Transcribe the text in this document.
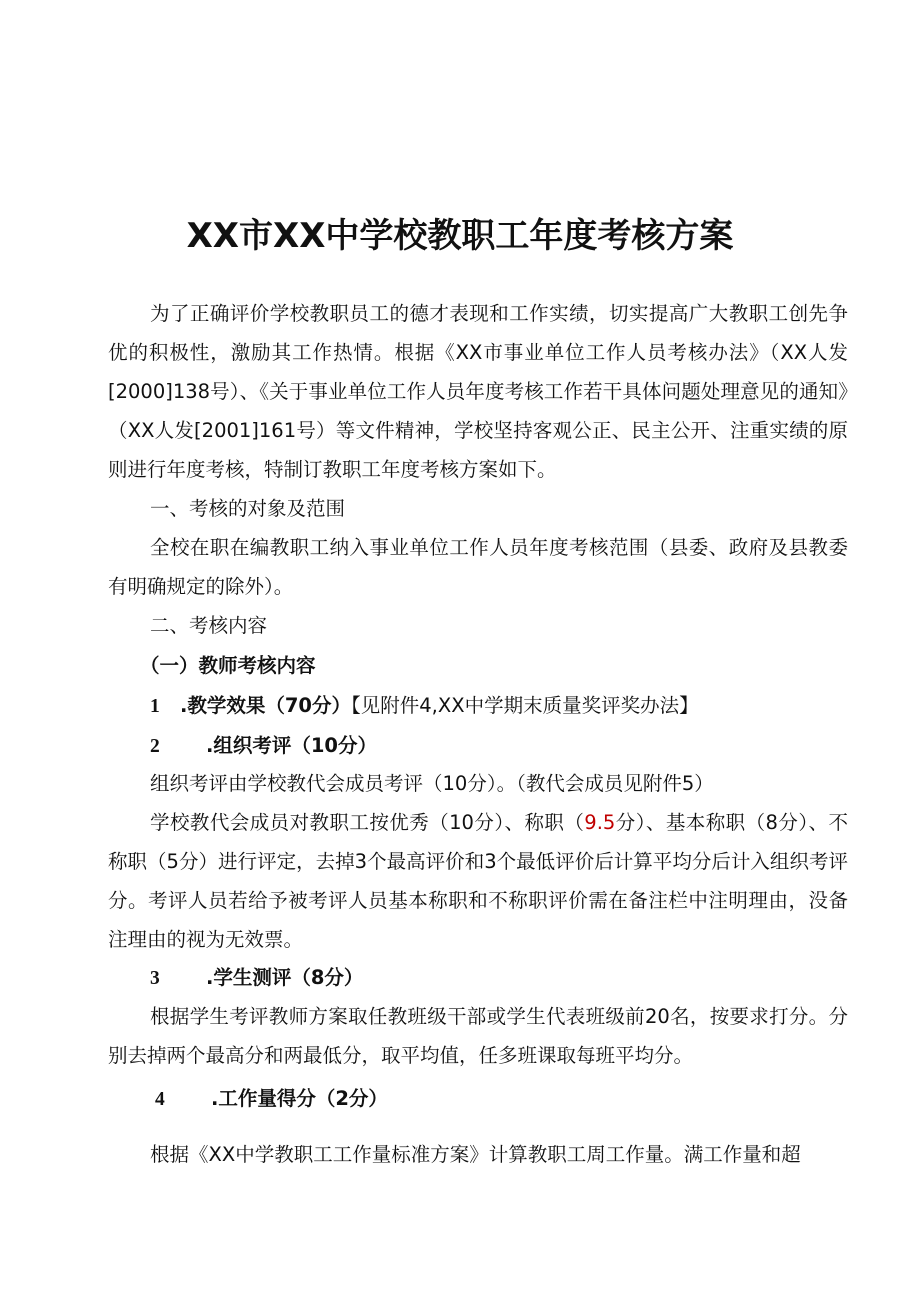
XX市XX中学校教职工年度考核方案

为了正确评价学校教职员工的德才表现和工作实绩，切实提高广大教职工创先争优的积极性，激励其工作热情。根据《XX市事业单位工作人员考核办法》（XX人发[2000]138号）、《关于事业单位工作人员年度考核工作若干具体问题处理意见的通知》（XX人发[2001]161号）等文件精神，学校坚持客观公正、民主公开、注重实绩的原则进行年度考核，特制订教职工年度考核方案如下。

一、考核的对象及范围

全校在职在编教职工纳入事业单位工作人员年度考核范围（县委、政府及县教委有明确规定的除外）。

二、考核内容

（一）教师考核内容

1 .教学效果（70分）【见附件4,XX中学期末质量奖评奖办法】

2 .组织考评（10分）

组织考评由学校教代会成员考评（10分）。（教代会成员见附件5）

学校教代会成员对教职工按优秀（10分）、称职（9.5分）、基本称职（8分）、不称职（5分）进行评定，去掉3个最高评价和3个最低评价后计算平均分后计入组织考评分。考评人员若给予被考评人员基本称职和不称职评价需在备注栏中注明理由，没备注理由的视为无效票。

3 .学生测评（8分）

根据学生考评教师方案取任教班级干部或学生代表班级前20名，按要求打分。分别去掉两个最高分和两最低分，取平均值，任多班课取每班平均分。

4 .工作量得分（2分）

根据《XX中学教职工工作量标准方案》计算教职工周工作量。满工作量和超
